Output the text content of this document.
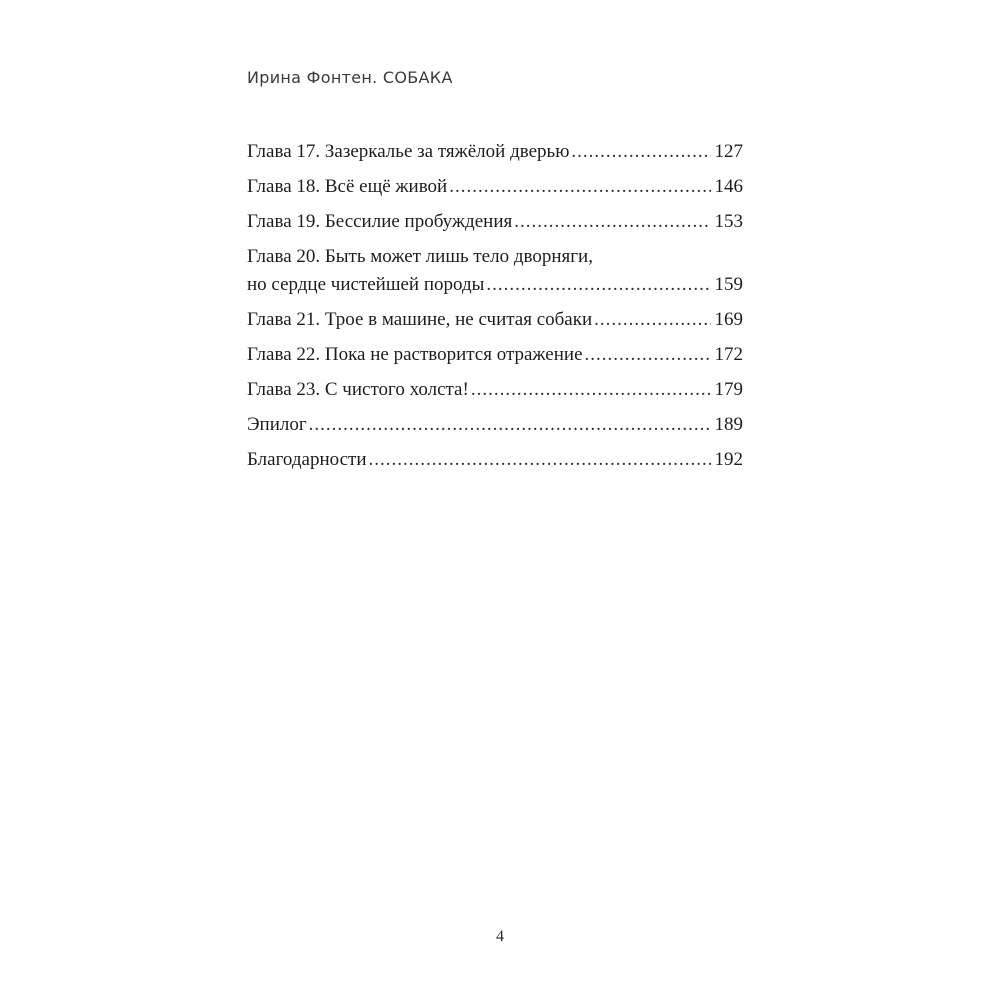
Ирина Фонтен. СОБАКА
Глава 17. Зазеркалье за тяжёлой дверью .....	127
Глава 18. Всё ещё живой .....	146
Глава 19. Бессилие пробуждения .....	153
Глава 20. Быть может лишь тело дворняги,
но сердце чистейшей породы .....	159
Глава 21. Трое в машине, не считая собаки .....	169
Глава 22. Пока не растворится отражение .....	172
Глава 23. С чистого холста! .....	179
Эпилог .....	189
Благодарности .....	192
4
